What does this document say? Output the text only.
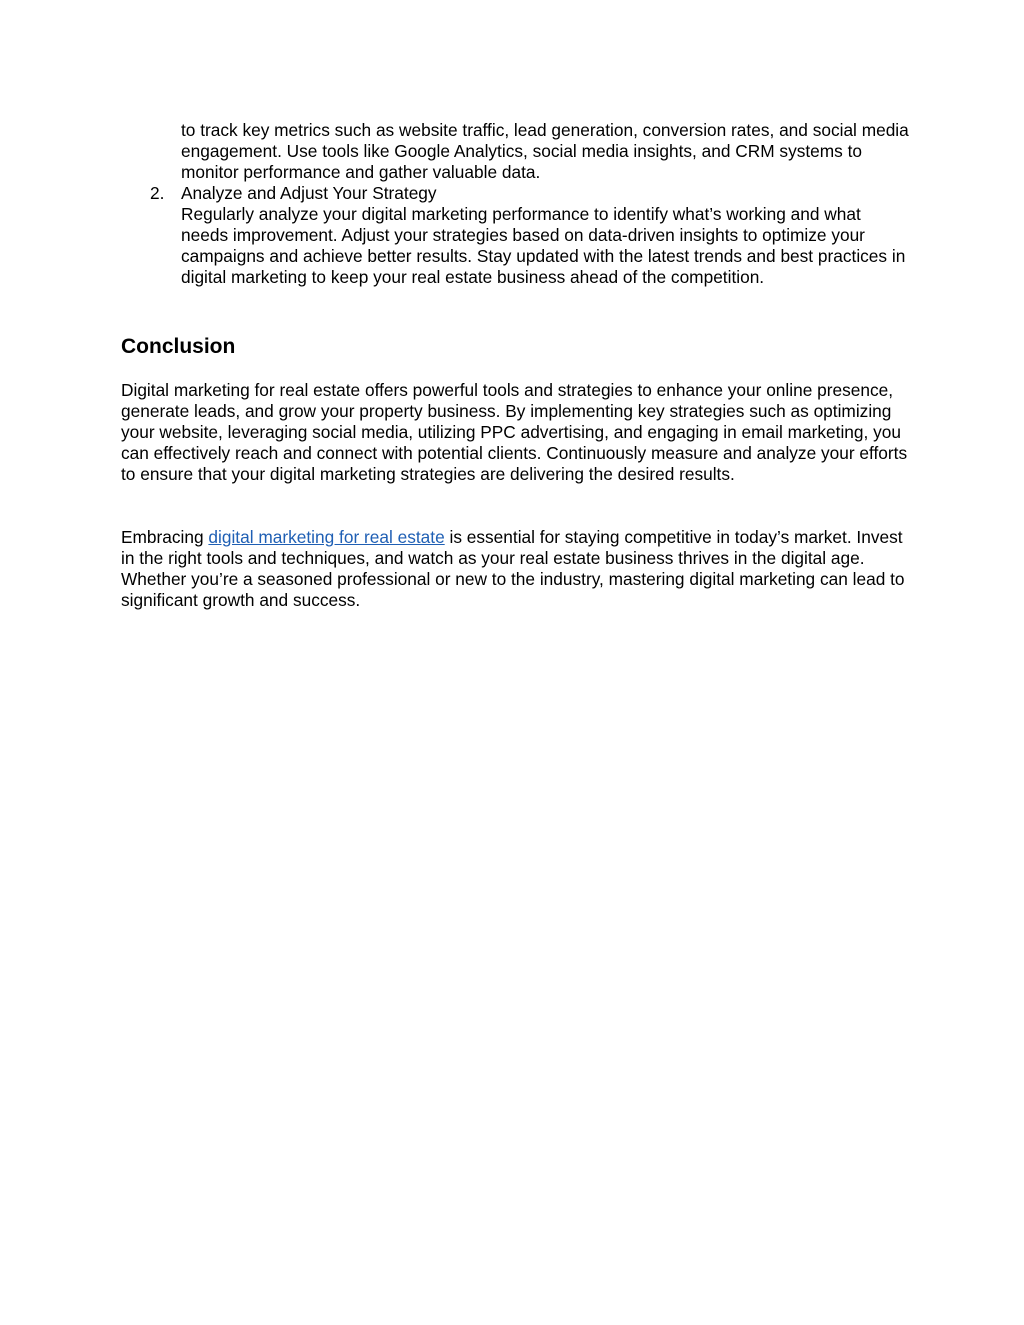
to track key metrics such as website traffic, lead generation, conversion rates, and social media engagement. Use tools like Google Analytics, social media insights, and CRM systems to monitor performance and gather valuable data.

2. Analyze and Adjust Your Strategy

Regularly analyze your digital marketing performance to identify what’s working and what needs improvement. Adjust your strategies based on data-driven insights to optimize your campaigns and achieve better results. Stay updated with the latest trends and best practices in digital marketing to keep your real estate business ahead of the competition.

Conclusion

Digital marketing for real estate offers powerful tools and strategies to enhance your online presence, generate leads, and grow your property business. By implementing key strategies such as optimizing your website, leveraging social media, utilizing PPC advertising, and engaging in email marketing, you can effectively reach and connect with potential clients. Continuously measure and analyze your efforts to ensure that your digital marketing strategies are delivering the desired results.

Embracing digital marketing for real estate is essential for staying competitive in today’s market. Invest in the right tools and techniques, and watch as your real estate business thrives in the digital age. Whether you’re a seasoned professional or new to the industry, mastering digital marketing can lead to significant growth and success.
